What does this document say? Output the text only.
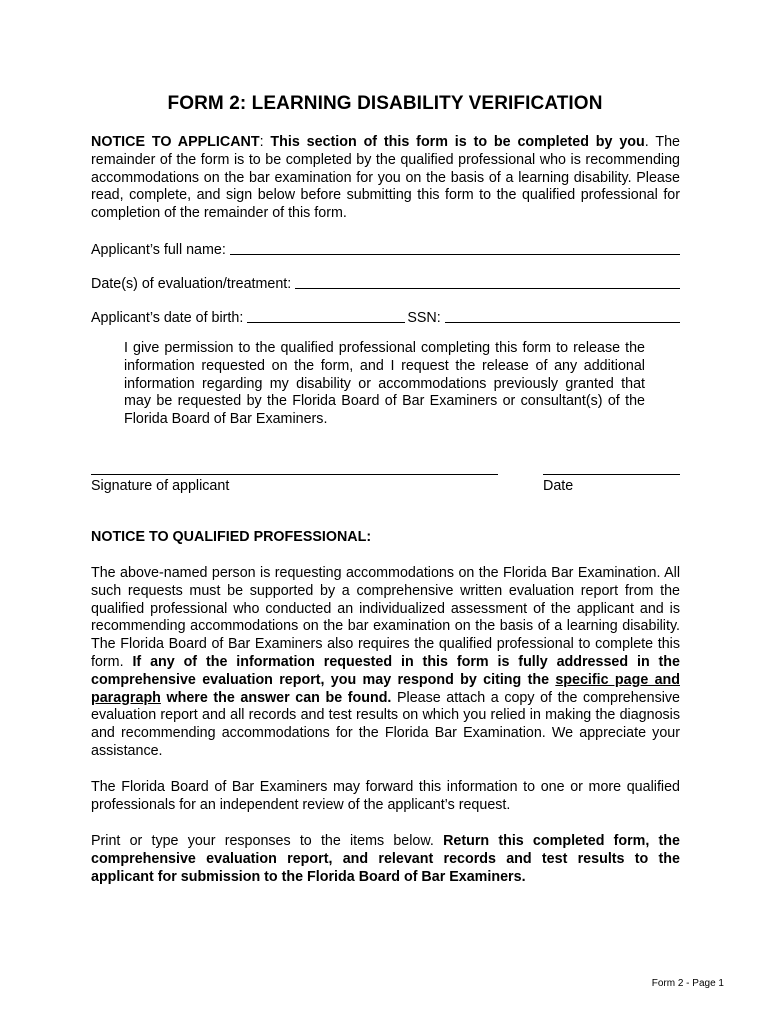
FORM 2: LEARNING DISABILITY VERIFICATION

NOTICE TO APPLICANT: This section of this form is to be completed by you. The remainder of the form is to be completed by the qualified professional who is recommending accommodations on the bar examination for you on the basis of a learning disability. Please read, complete, and sign below before submitting this form to the qualified professional for completion of the remainder of this form.

Applicant’s full name:
Date(s) of evaluation/treatment:
Applicant’s date of birth:	SSN:

I give permission to the qualified professional completing this form to release the information requested on the form, and I request the release of any additional information regarding my disability or accommodations previously granted that may be requested by the Florida Board of Bar Examiners or consultant(s) of the Florida Board of Bar Examiners.

Signature of applicant	Date
NOTICE TO QUALIFIED PROFESSIONAL:

The above-named person is requesting accommodations on the Florida Bar Examination. All such requests must be supported by a comprehensive written evaluation report from the qualified professional who conducted an individualized assessment of the applicant and is recommending accommodations on the bar examination on the basis of a learning disability. The Florida Board of Bar Examiners also requires the qualified professional to complete this form. If any of the information requested in this form is fully addressed in the comprehensive evaluation report, you may respond by citing the specific page and paragraph where the answer can be found. Please attach a copy of the comprehensive evaluation report and all records and test results on which you relied in making the diagnosis and recommending accommodations for the Florida Bar Examination. We appreciate your assistance.

The Florida Board of Bar Examiners may forward this information to one or more qualified professionals for an independent review of the applicant’s request.

Print or type your responses to the items below. Return this completed form, the comprehensive evaluation report, and relevant records and test results to the applicant for submission to the Florida Board of Bar Examiners.

Form 2 - Page 1
